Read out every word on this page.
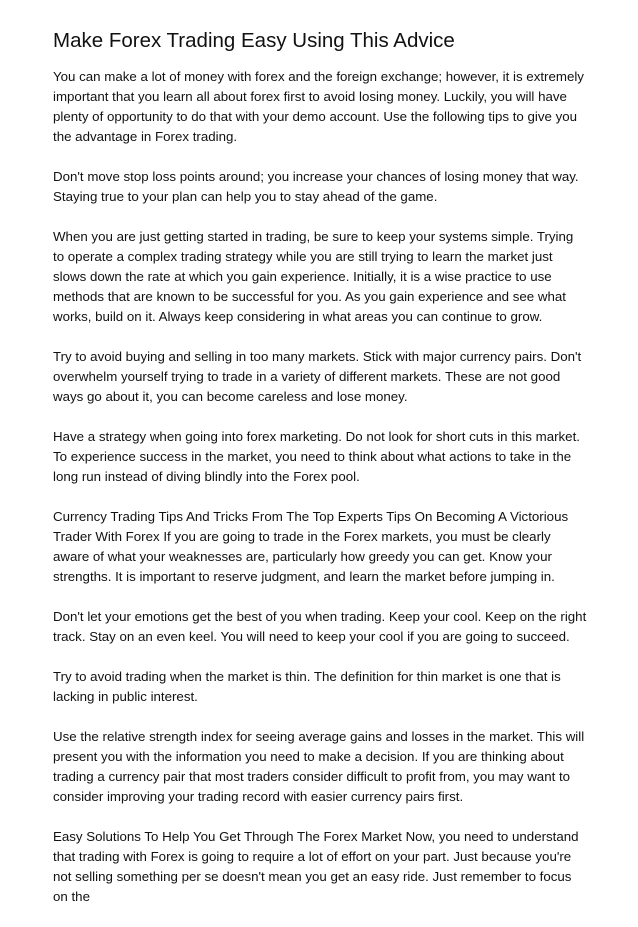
Make Forex Trading Easy Using This Advice

You can make a lot of money with forex and the foreign exchange; however, it is extremely important that you learn all about forex first to avoid losing money. Luckily, you will have plenty of opportunity to do that with your demo account. Use the following tips to give you the advantage in Forex trading.

Don't move stop loss points around; you increase your chances of losing money that way. Staying true to your plan can help you to stay ahead of the game.

When you are just getting started in trading, be sure to keep your systems simple. Trying to operate a complex trading strategy while you are still trying to learn the market just slows down the rate at which you gain experience. Initially, it is a wise practice to use methods that are known to be successful for you. As you gain experience and see what works, build on it. Always keep considering in what areas you can continue to grow.

Try to avoid buying and selling in too many markets. Stick with major currency pairs. Don't overwhelm yourself trying to trade in a variety of different markets. These are not good ways go about it, you can become careless and lose money.

Have a strategy when going into forex marketing. Do not look for short cuts in this market. To experience success in the market, you need to think about what actions to take in the long run instead of diving blindly into the Forex pool.

Currency Trading Tips And Tricks From The Top Experts Tips On Becoming A Victorious Trader With Forex If you are going to trade in the Forex markets, you must be clearly aware of what your weaknesses are, particularly how greedy you can get. Know your strengths. It is important to reserve judgment, and learn the market before jumping in.

Don't let your emotions get the best of you when trading. Keep your cool. Keep on the right track. Stay on an even keel. You will need to keep your cool if you are going to succeed.

Try to avoid trading when the market is thin. The definition for thin market is one that is lacking in public interest.

Use the relative strength index for seeing average gains and losses in the market. This will present you with the information you need to make a decision. If you are thinking about trading a currency pair that most traders consider difficult to profit from, you may want to consider improving your trading record with easier currency pairs first.

Easy Solutions To Help You Get Through The Forex Market Now, you need to understand that trading with Forex is going to require a lot of effort on your part. Just because you're not selling something per se doesn't mean you get an easy ride. Just remember to focus on the
